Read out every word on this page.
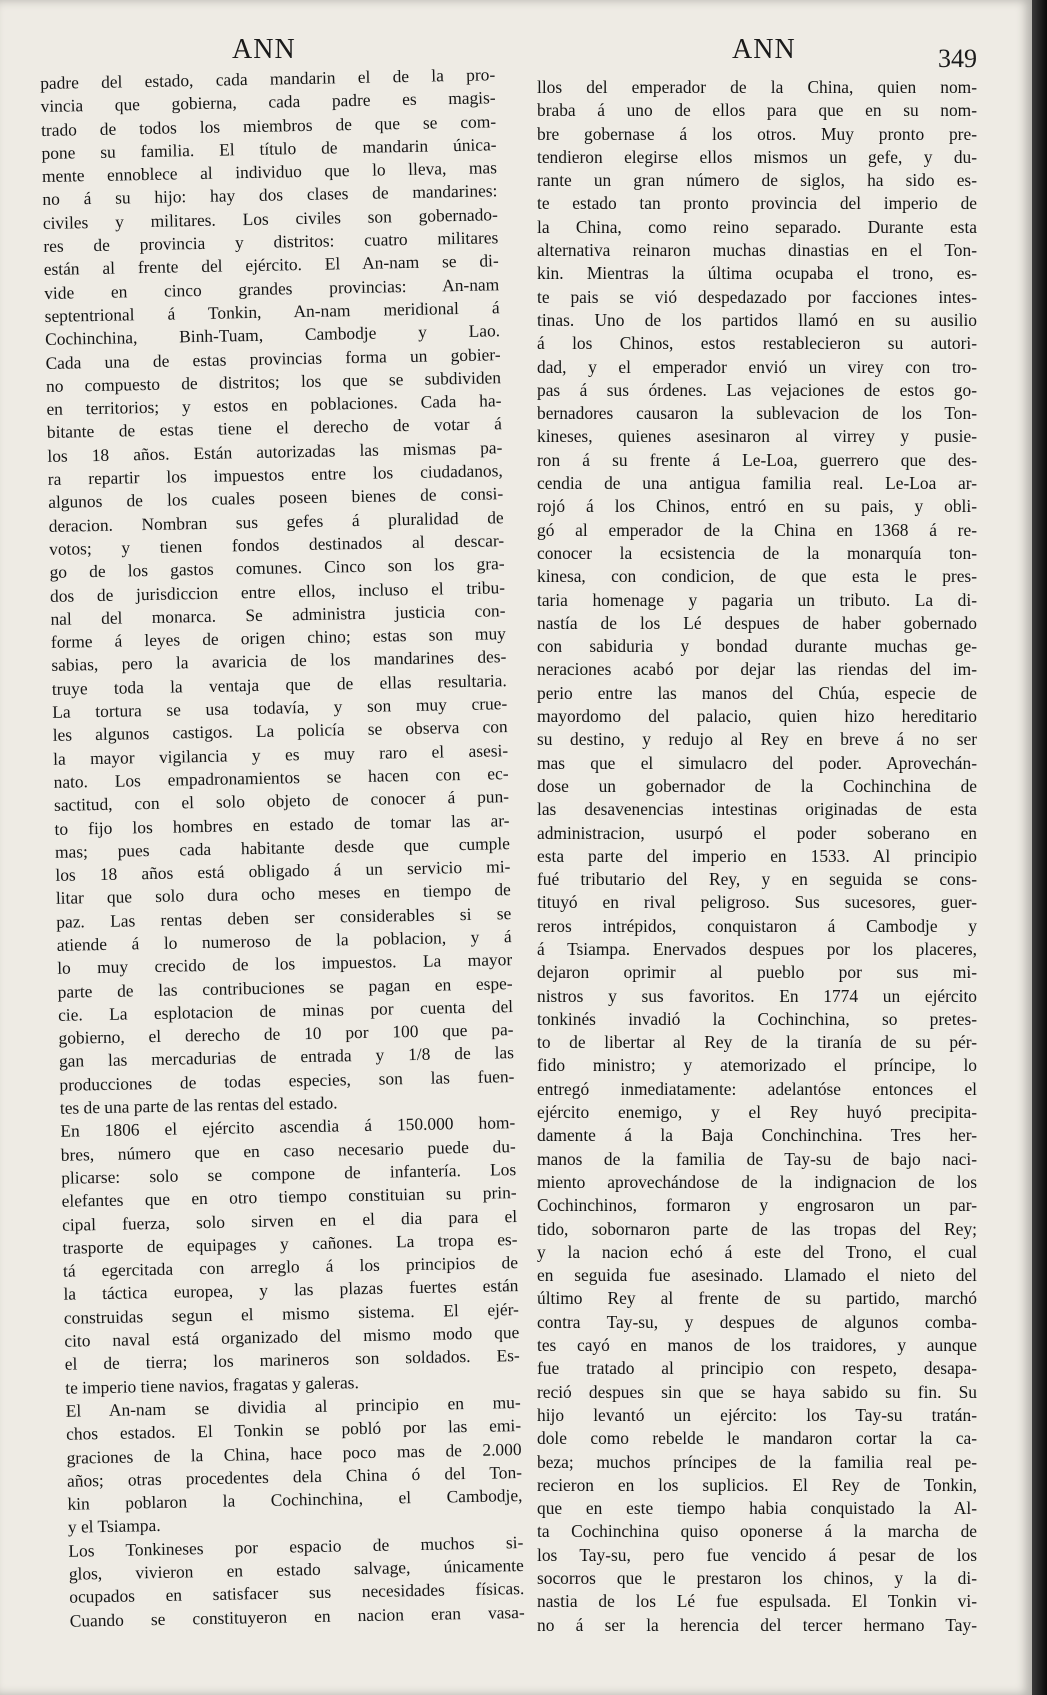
ANN	ANN	349
padre del estado, cada mandarin el de la pro-
vincia que gobierna, cada padre es magis-
trado de todos los miembros de que se com-
pone su familia. El título de mandarin única-
mente ennoblece al individuo que lo lleva, mas
no á su hijo: hay dos clases de mandarines:
civiles y militares. Los civiles son gobernado-
res de provincia y distritos: cuatro militares
están al frente del ejército. El An-nam se di-
vide en cinco grandes provincias: An-nam
septentrional á Tonkin, An-nam meridional á
Cochinchina, Binh-Tuam, Cambodje y Lao.
Cada una de estas provincias forma un gobier-
no compuesto de distritos; los que se subdividen
en territorios; y estos en poblaciones. Cada ha-
bitante de estas tiene el derecho de votar á
los 18 años. Están autorizadas las mismas pa-
ra repartir los impuestos entre los ciudadanos,
algunos de los cuales poseen bienes de consi-
deracion. Nombran sus gefes á pluralidad de
votos; y tienen fondos destinados al descar-
go de los gastos comunes. Cinco son los gra-
dos de jurisdiccion entre ellos, incluso el tribu-
nal del monarca. Se administra justicia con-
forme á leyes de origen chino; estas son muy
sabias, pero la avaricia de los mandarines des-
truye toda la ventaja que de ellas resultaria.
La tortura se usa todavía, y son muy crue-
les algunos castigos. La policía se observa con
la mayor vigilancia y es muy raro el asesi-
nato. Los empadronamientos se hacen con ec-
sactitud, con el solo objeto de conocer á pun-
to fijo los hombres en estado de tomar las ar-
mas; pues cada habitante desde que cumple
los 18 años está obligado á un servicio mi-
litar que solo dura ocho meses en tiempo de
paz. Las rentas deben ser considerables si se
atiende á lo numeroso de la poblacion, y á
lo muy crecido de los impuestos. La mayor
parte de las contribuciones se pagan en espe-
cie. La esplotacion de minas por cuenta del
gobierno, el derecho de 10 por 100 que pa-
gan las mercadurias de entrada y 1/8 de las
producciones de todas especies, son las fuen-
tes de una parte de las rentas del estado.
En 1806 el ejército ascendia á 150.000 hom-
bres, número que en caso necesario puede du-
plicarse: solo se compone de infantería. Los
elefantes que en otro tiempo constituian su prin-
cipal fuerza, solo sirven en el dia para el
trasporte de equipages y cañones. La tropa es-
tá egercitada con arreglo á los principios de
la táctica europea, y las plazas fuertes están
construidas segun el mismo sistema. El ejér-
cito naval está organizado del mismo modo que
el de tierra; los marineros son soldados. Es-
te imperio tiene navios, fragatas y galeras.
El An-nam se dividia al principio en mu-
chos estados. El Tonkin se pobló por las emi-
graciones de la China, hace poco mas de 2.000
años; otras procedentes dela China ó del Ton-
kin poblaron la Cochinchina, el Cambodje,
y el Tsiampa.
Los Tonkineses por espacio de muchos si-
glos, vivieron en estado salvage, únicamente
ocupados en satisfacer sus necesidades físicas.
Cuando se constituyeron en nacion eran vasa-
llos del emperador de la China, quien nom-
braba á uno de ellos para que en su nom-
bre gobernase á los otros. Muy pronto pre-
tendieron elegirse ellos mismos un gefe, y du-
rante un gran número de siglos, ha sido es-
te estado tan pronto provincia del imperio de
la China, como reino separado. Durante esta
alternativa reinaron muchas dinastias en el Ton-
kin. Mientras la última ocupaba el trono, es-
te pais se vió despedazado por facciones intes-
tinas. Uno de los partidos llamó en su ausilio
á los Chinos, estos restablecieron su autori-
dad, y el emperador envió un virey con tro-
pas á sus órdenes. Las vejaciones de estos go-
bernadores causaron la sublevacion de los Ton-
kineses, quienes asesinaron al virrey y pusie-
ron á su frente á Le-Loa, guerrero que des-
cendia de una antigua familia real. Le-Loa ar-
rojó á los Chinos, entró en su pais, y obli-
gó al emperador de la China en 1368 á re-
conocer la ecsistencia de la monarquía ton-
kinesa, con condicion, de que esta le pres-
taria homenage y pagaria un tributo. La di-
nastía de los Lé despues de haber gobernado
con sabiduria y bondad durante muchas ge-
neraciones acabó por dejar las riendas del im-
perio entre las manos del Chúa, especie de
mayordomo del palacio, quien hizo hereditario
su destino, y redujo al Rey en breve á no ser
mas que el simulacro del poder. Aprovechán-
dose un gobernador de la Cochinchina de
las desavenencias intestinas originadas de esta
administracion, usurpó el poder soberano en
esta parte del imperio en 1533. Al principio
fué tributario del Rey, y en seguida se cons-
tituyó en rival peligroso. Sus sucesores, guer-
reros intrépidos, conquistaron á Cambodje y
á Tsiampa. Enervados despues por los placeres,
dejaron oprimir al pueblo por sus mi-
nistros y sus favoritos. En 1774 un ejército
tonkinés invadió la Cochinchina, so pretes-
to de libertar al Rey de la tiranía de su pér-
fido ministro; y atemorizado el príncipe, lo
entregó inmediatamente: adelantóse entonces el
ejército enemigo, y el Rey huyó precipita-
damente á la Baja Conchinchina. Tres her-
manos de la familia de Tay-su de bajo naci-
miento aprovechándose de la indignacion de los
Cochinchinos, formaron y engrosaron un par-
tido, sobornaron parte de las tropas del Rey;
y la nacion echó á este del Trono, el cual
en seguida fue asesinado. Llamado el nieto del
último Rey al frente de su partido, marchó
contra Tay-su, y despues de algunos comba-
tes cayó en manos de los traidores, y aunque
fue tratado al principio con respeto, desapa-
reció despues sin que se haya sabido su fin. Su
hijo levantó un ejército: los Tay-su tratán-
dole como rebelde le mandaron cortar la ca-
beza; muchos príncipes de la familia real pe-
recieron en los suplicios. El Rey de Tonkin,
que en este tiempo habia conquistado la Al-
ta Cochinchina quiso oponerse á la marcha de
los Tay-su, pero fue vencido á pesar de los
socorros que le prestaron los chinos, y la di-
nastia de los Lé fue espulsada. El Tonkin vi-
no á ser la herencia del tercer hermano Tay-
